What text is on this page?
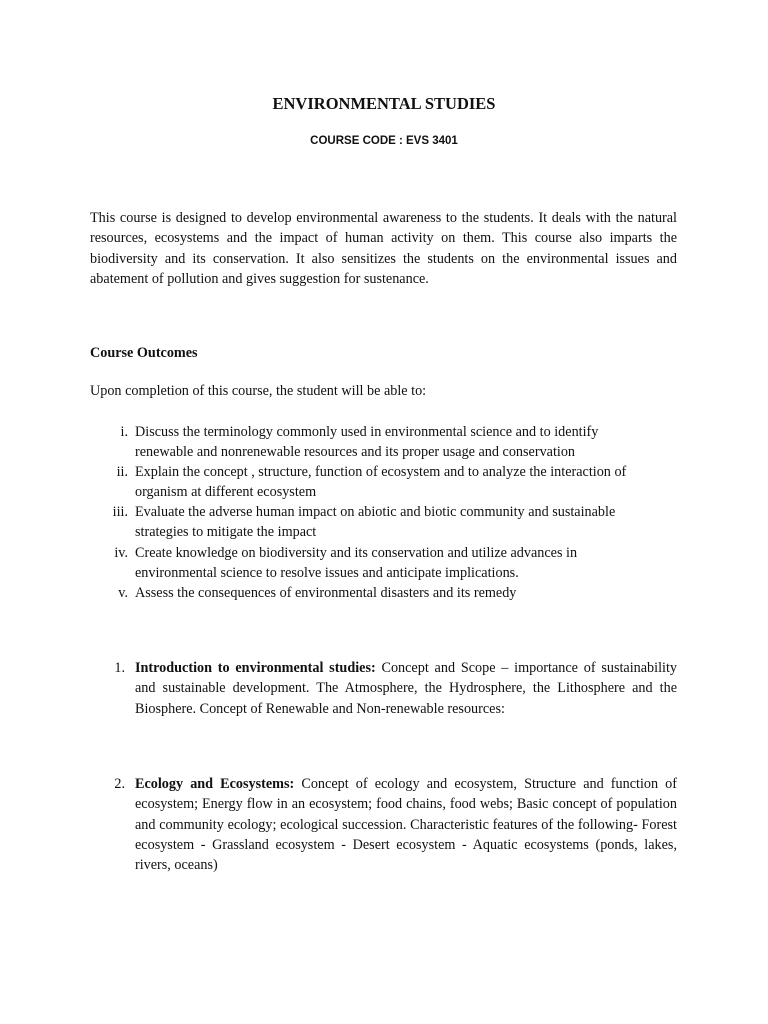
ENVIRONMENTAL STUDIES
COURSE CODE : EVS 3401
This course is designed to develop environmental awareness to the students. It deals with the natural resources, ecosystems and the impact of human activity on them. This course also imparts the biodiversity and its conservation. It also sensitizes the students on the environmental issues and abatement of pollution and gives suggestion for sustenance.
Course Outcomes
Upon completion of this course, the student will be able to:
i. Discuss the terminology commonly used in environmental science and to identify renewable and nonrenewable resources and its proper usage and conservation
ii. Explain the concept , structure, function of ecosystem and to analyze the interaction of organism at different ecosystem
iii. Evaluate the adverse human impact on abiotic and biotic community and sustainable strategies to mitigate the impact
iv. Create knowledge on biodiversity and its conservation and utilize advances in environmental science to resolve issues and anticipate implications.
v. Assess the consequences of environmental disasters and its remedy
1. Introduction to environmental studies: Concept and Scope – importance of sustainability and sustainable development. The Atmosphere, the Hydrosphere, the Lithosphere and the Biosphere. Concept of Renewable and Non-renewable resources:
2. Ecology and Ecosystems: Concept of ecology and ecosystem, Structure and function of ecosystem; Energy flow in an ecosystem; food chains, food webs; Basic concept of population and community ecology; ecological succession. Characteristic features of the following- Forest ecosystem - Grassland ecosystem - Desert ecosystem - Aquatic ecosystems (ponds, lakes, rivers, oceans)
